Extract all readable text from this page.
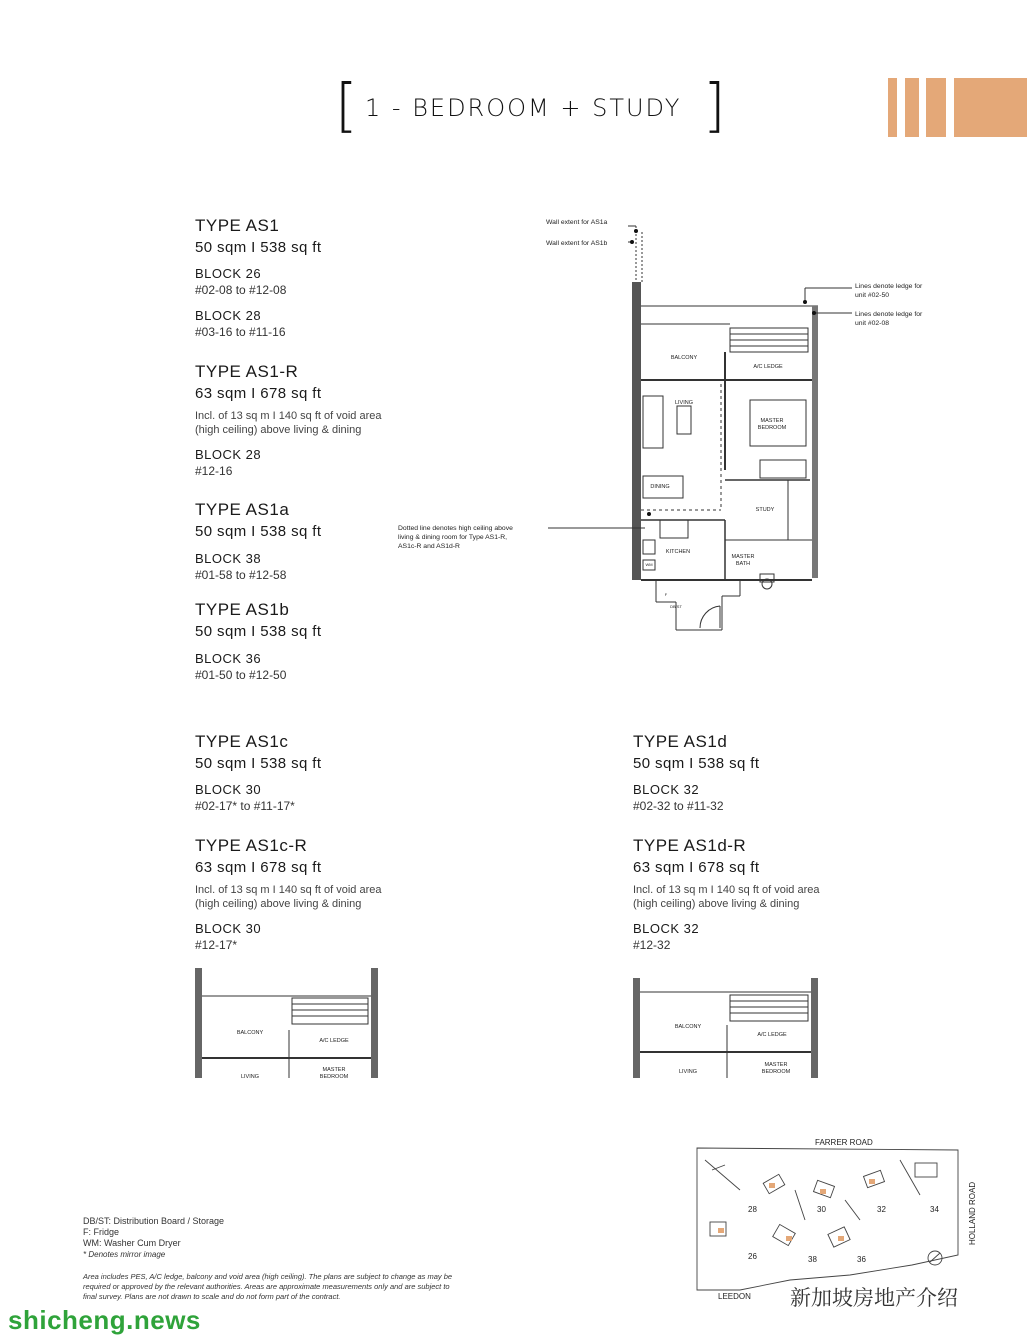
[ 1 - BEDROOM + STUDY ]
TYPE AS1
50 sqm I 538 sq ft
BLOCK 26
#02-08 to #12-08
BLOCK 28
#03-16 to #11-16
TYPE AS1-R
63 sqm I 678 sq ft
Incl. of 13 sq m I 140 sq ft of void area
(high ceiling) above living & dining
BLOCK 28
#12-16
TYPE AS1a
50 sqm I 538 sq ft
BLOCK 38
#01-58 to #12-58
TYPE AS1b
50 sqm I 538 sq ft
BLOCK 36
#01-50 to #12-50
TYPE AS1c
50 sqm I 538 sq ft
BLOCK 30
#02-17* to #11-17*
TYPE AS1c-R
63 sqm I 678 sq ft
Incl. of 13 sq m I 140 sq ft of void area
(high ceiling) above living & dining
BLOCK 30
#12-17*
TYPE AS1d
50 sqm I 538 sq ft
BLOCK 32
#02-32 to #11-32
TYPE AS1d-R
63 sqm I 678 sq ft
Incl. of 13 sq m I 140 sq ft of void area
(high ceiling) above living & dining
BLOCK 32
#12-32
Wall extent for AS1a
Wall extent for AS1b
Lines denote ledge for
unit #02-50
Lines denote ledge for
unit #02-08
Dotted line denotes high ceiling above
living & dining room for Type AS1-R,
AS1c-R and AS1d-R
BALCONY
A/C LEDGE
LIVING
MASTER
BEDROOM
DINING
STUDY
KITCHEN
MASTER
BATH
WM
F
DB/ST
BALCONY
A/C LEDGE
LIVING
MASTER
BEDROOM
BALCONY
A/C LEDGE
LIVING
MASTER
BEDROOM
FARRER ROAD
HOLLAND ROAD
LEEDON
28	30	32	34
26	38	36
DB/ST: Distribution Board / Storage
F: Fridge
WM: Washer Cum Dryer
* Denotes mirror image
Area includes PES, A/C ledge, balcony and void area (high ceiling). The plans are subject to change as may be
required or approved by the relevant authorities. Areas are approximate measurements only and are subject to
final survey. Plans are not drawn to scale and do not form part of the contract.
shicheng.news
新加坡房地产介绍
